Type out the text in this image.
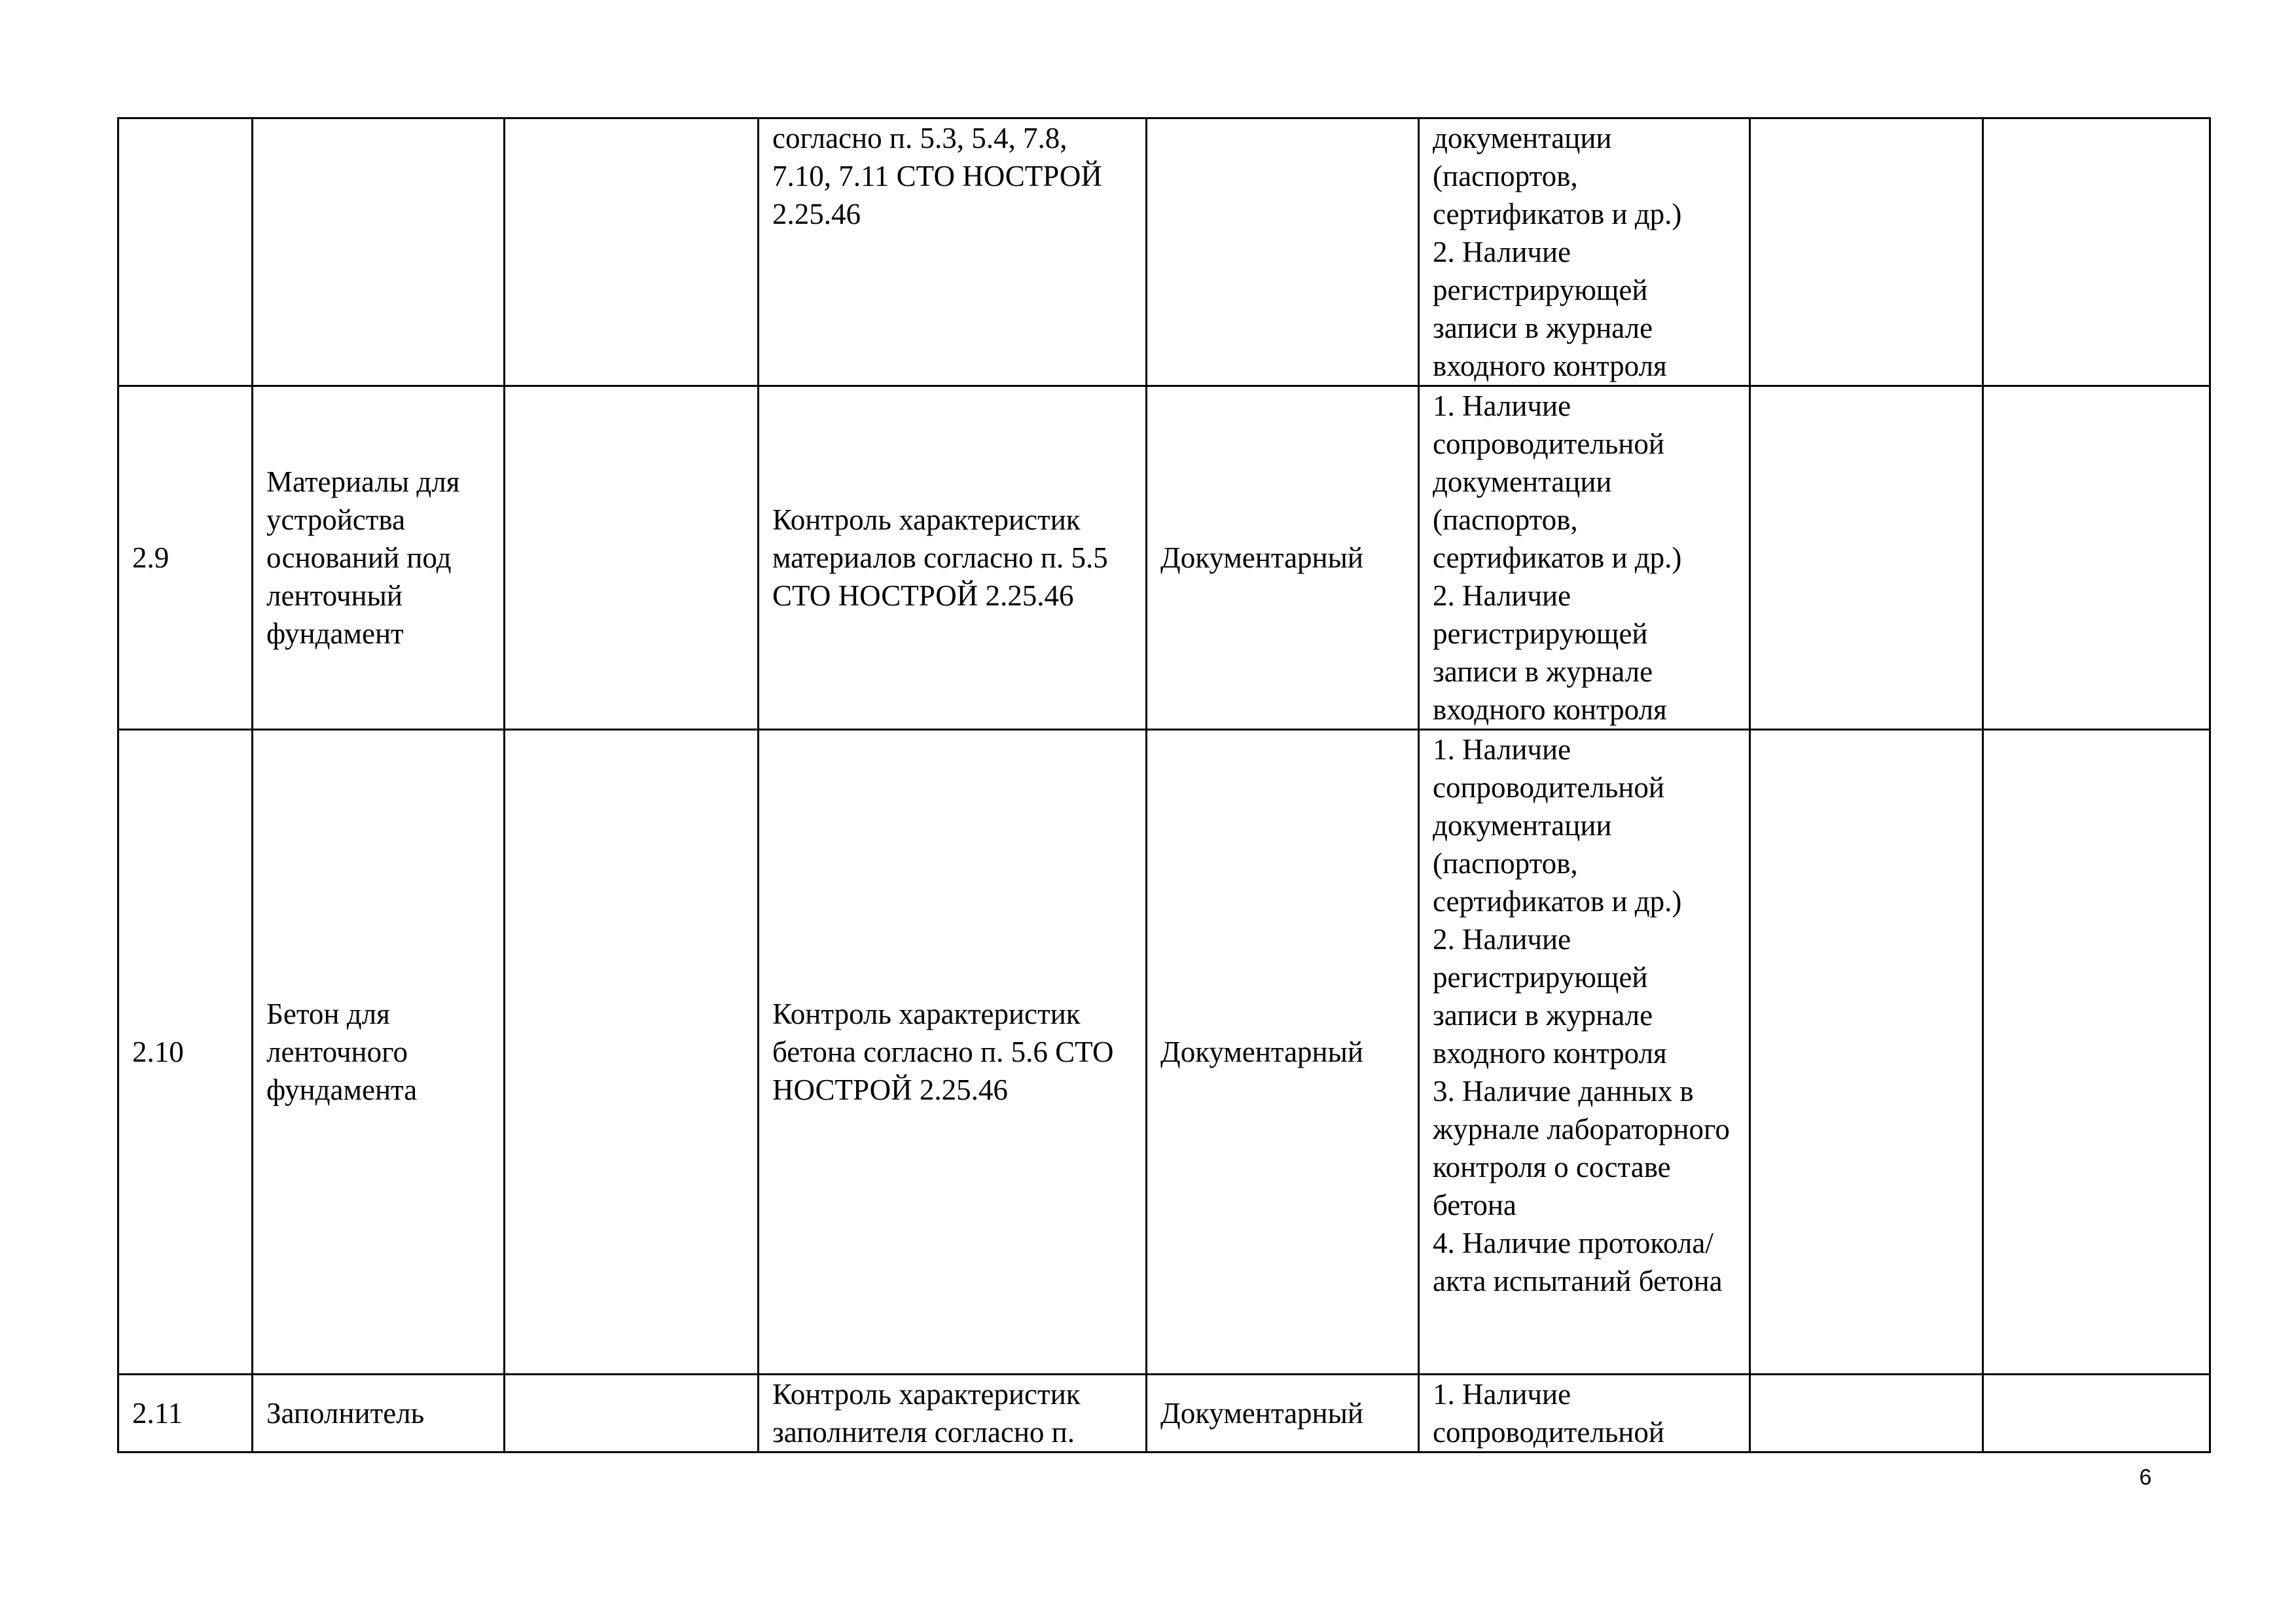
			согласно п. 5.3, 5.4, 7.8, 7.10, 7.11 СТО НОСТРОЙ 2.25.46		документации (паспортов, сертификатов и др.)
2. Наличие регистрирующей записи в журнале входного контроля		

2.9	Материалы для устройства оснований под ленточный фундамент		Контроль характеристик материалов согласно п. 5.5 СТО НОСТРОЙ 2.25.46	Документарный	1. Наличие сопроводительной документации (паспортов, сертификатов и др.)
2. Наличие регистрирующей записи в журнале входного контроля		

2.10	Бетон для ленточного фундамента		Контроль характеристик бетона согласно п. 5.6 СТО НОСТРОЙ 2.25.46	Документарный	1. Наличие сопроводительной документации (паспортов, сертификатов и др.)
2. Наличие регистрирующей записи в журнале входного контроля
3. Наличие данных в журнале лабораторного контроля о составе бетона
4. Наличие протокола/акта испытаний бетона		

2.11	Заполнитель		Контроль характеристик заполнителя согласно п.	Документарный	1. Наличие сопроводительной		

6
